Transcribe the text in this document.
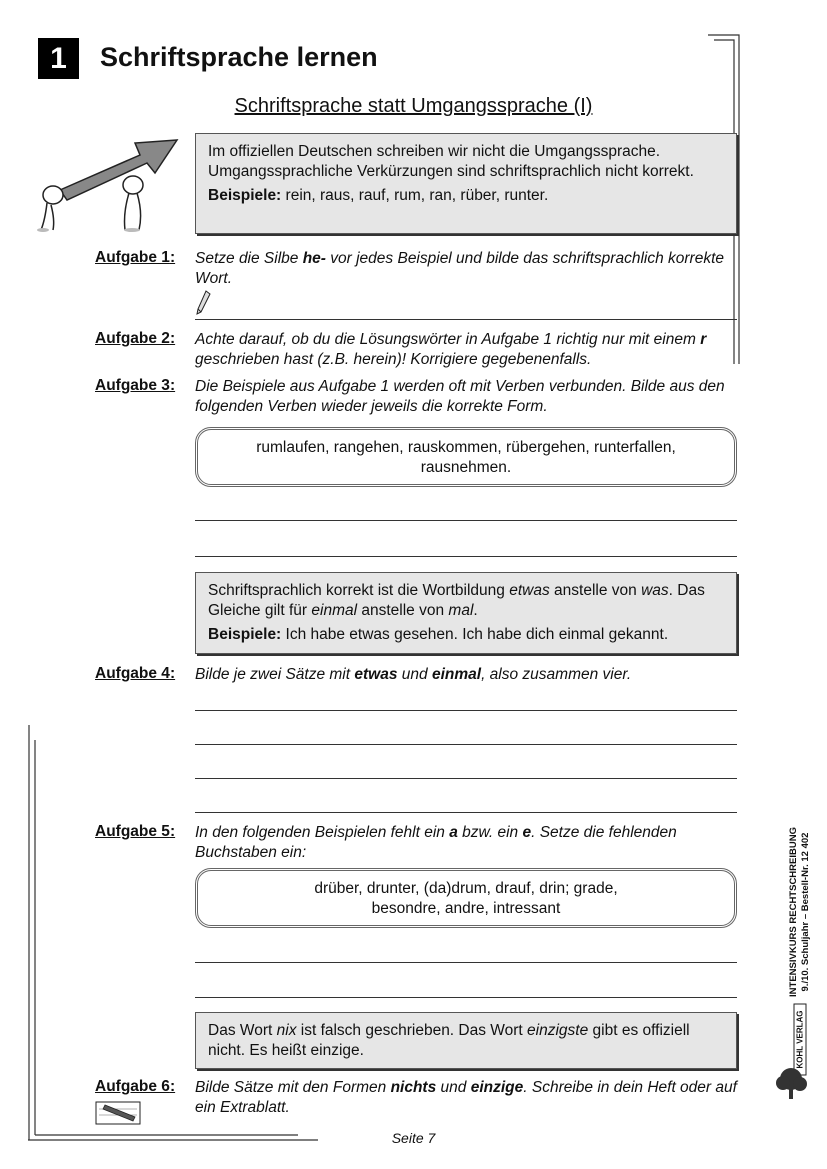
1	Schriftsprache lernen
Schriftsprache statt Umgangssprache (I)

Im offiziellen Deutschen schreiben wir nicht die Umgangssprache. Umgangssprachliche Verkürzungen sind schriftsprachlich nicht korrekt.

Beispiele: rein, raus, rauf, rum, ran, rüber, runter.

Aufgabe 1: Setze die Silbe he- vor jedes Beispiel und bilde das schriftsprachlich korrekte Wort.
Aufgabe 2: Achte darauf, ob du die Lösungswörter in Aufgabe 1 richtig nur mit einem r geschrieben hast (z.B. herein)! Korrigiere gegebenenfalls.
Aufgabe 3: Die Beispiele aus Aufgabe 1 werden oft mit Verben verbunden. Bilde aus den folgenden Verben wieder jeweils die korrekte Form.
rumlaufen, rangehen, rauskommen, rübergehen, runterfallen, rausnehmen.

Schriftsprachlich korrekt ist die Wortbildung etwas anstelle von was. Das Gleiche gilt für einmal anstelle von mal.

Beispiele: Ich habe etwas gesehen. Ich habe dich einmal gekannt.

Aufgabe 4: Bilde je zwei Sätze mit etwas und einmal, also zusammen vier.
Aufgabe 5: In den folgenden Beispielen fehlt ein a bzw. ein e. Setze die fehlenden Buchstaben ein:
drüber, drunter, (da)drum, drauf, drin; grade, besondre, andre, intressant

Das Wort nix ist falsch geschrieben. Das Wort einzigste gibt es offiziell nicht. Es heißt einzige.

Aufgabe 6: Bilde Sätze mit den Formen nichts und einzige. Schreibe in dein Heft oder auf ein Extrablatt.
INTENSIVKURS RECHTSCHREIBUNG 9./10. Schuljahr – Bestell-Nr. 12 402
KOHL VERLAG
Seite 7
